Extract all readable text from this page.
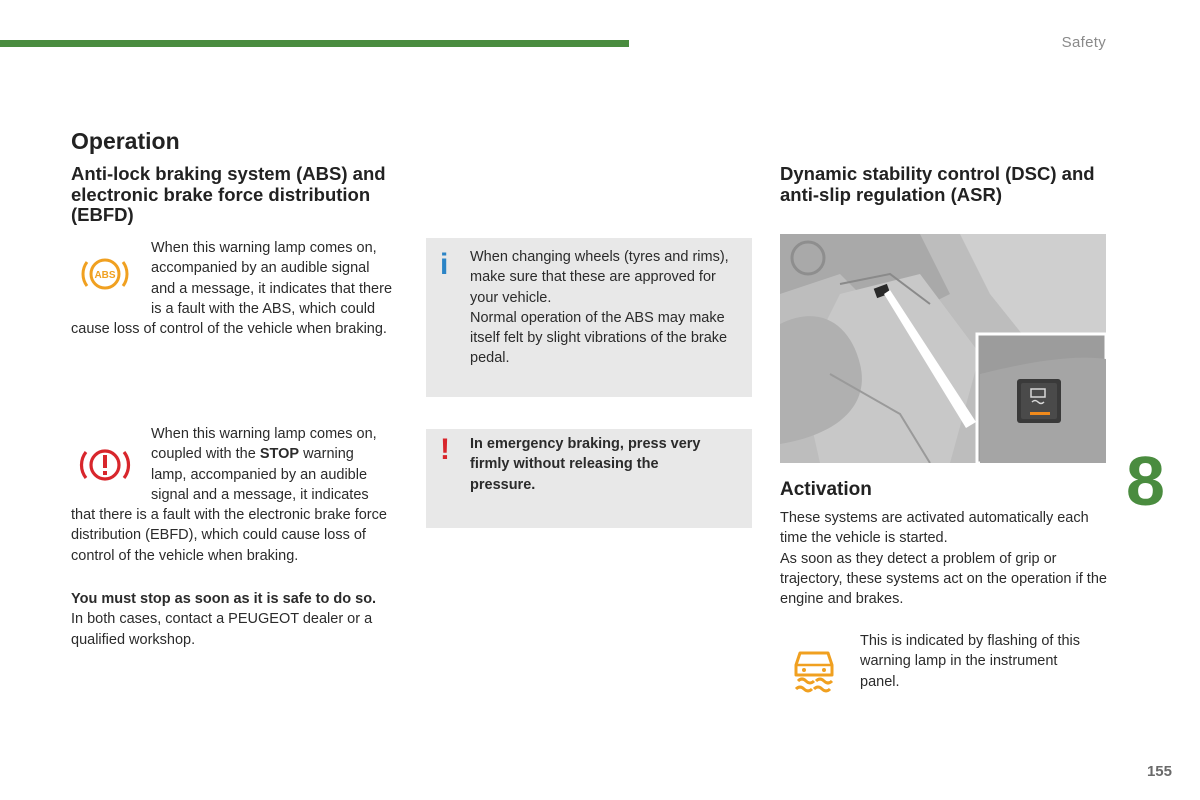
Safety
8
155
Operation
Anti-lock braking system (ABS) and electronic brake force distribution (EBFD)
ABS
When this warning lamp comes on, accompanied by an audible signal and a message, it indicates that there is a fault with the ABS, which could cause loss of control of the vehicle when braking.
When this warning lamp comes on, coupled with the STOP warning lamp, accompanied by an audible signal and a message, it indicates that there is a fault with the electronic brake force distribution (EBFD), which could cause loss of control of the vehicle when braking.

You must stop as soon as it is safe to do so.

In both cases, contact a PEUGEOT dealer or a qualified workshop.

i When changing wheels (tyres and rims), make sure that these are approved for your vehicle.

Normal operation of the ABS may make itself felt by slight vibrations of the brake pedal.

! In emergency braking, press very firmly without releasing the pressure.
Dynamic stability control (DSC) and anti-slip regulation (ASR)
Activation

These systems are activated automatically each time the vehicle is started.

As soon as they detect a problem of grip or trajectory, these systems act on the operation if the engine and brakes.

This is indicated by flashing of this warning lamp in the instrument panel.
